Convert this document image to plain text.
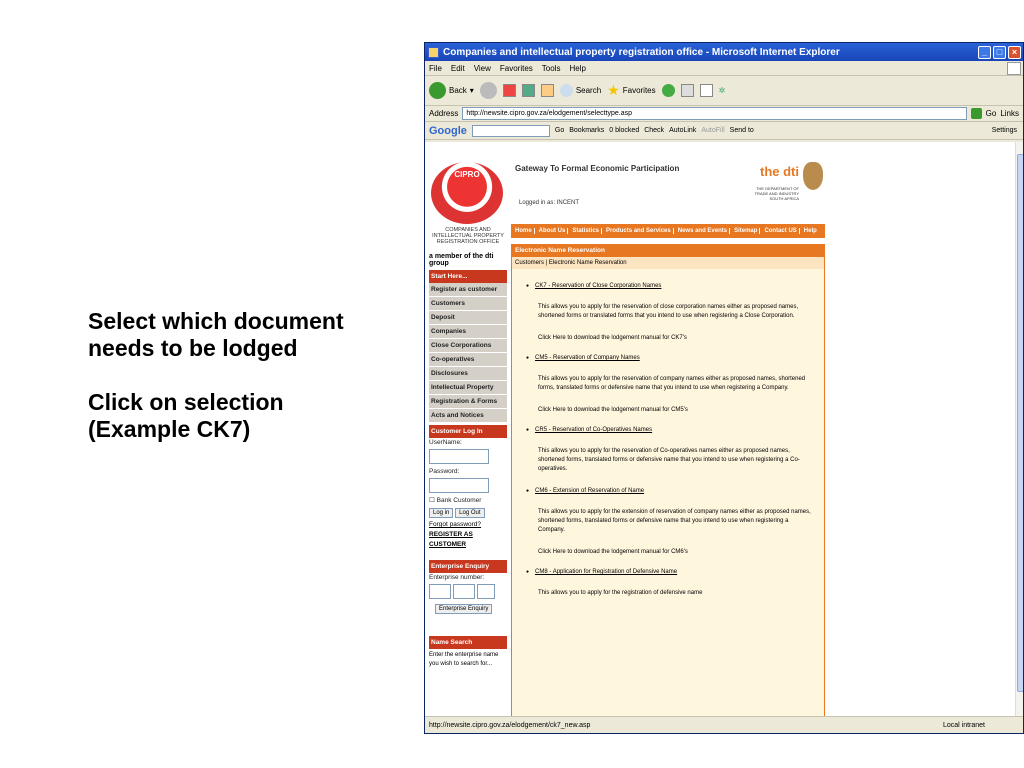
Select which document needs to be lodged

Click on selection (Example CK7)

Companies and intellectual property registration office - Microsoft Internet Explorer	_	□	×
File Edit View Favorites Tools Help
Back ▾	Search ★ Favorites	✲
Address	http://newsite.cipro.gov.za/elodgement/selecttype.asp	Go Links
Google	Go Bookmarks 0 blocked Check AutoLink AutoFill Send to	Settings
CIPRO
COMPANIES AND INTELLECTUAL PROPERTY REGISTRATION OFFICE
a member of the dti group
Start Here...
Register as customer
Customers
Deposit
Companies
Close Corporations
Co-operatives
Disclosures
Intellectual Property
Registration & Forms
Acts and Notices
Customer Log In
UserName:
Password:
☐ Bank Customer
Log in Log Out
Forgot password?
REGISTER AS CUSTOMER
Enterprise Enquiry
Enterprise number:
Enterprise Enquiry
Name Search
Enter the enterprise name you wish to search for...
Gateway To Formal Economic Participation
Logged in as: INCENT
the dti
THE DEPARTMENT OF TRADE AND INDUSTRY SOUTH AFRICA
Home	About Us	Statistics	Products and Services	News and Events	Sitemap	Contact US	Help
Electronic Name Reservation
Customers | Electronic Name Reservation
● CK7 - Reservation of Close Corporation Names
This allows you to apply for the reservation of close corporation names either as proposed names, shortened forms or translated forms that you intend to use when registering a Close Corporation.
Click Here to download the lodgement manual for CK7's
● CM5 - Reservation of Company Names
This allows you to apply for the reservation of company names either as proposed names, shortened forms, translated forms or defensive name that you intend to use when registering a Company.
Click Here to download the lodgement manual for CM5's
● CR5 - Reservation of Co-Operatives Names
This allows you to apply for the reservation of Co-operatives names either as proposed names, shortened forms, translated forms or defensive name that you intend to use when registering a Co-operatives.
● CM6 - Extension of Reservation of Name
This allows you to apply for the extension of reservation of company names either as proposed names, shortened forms, translated forms or defensive name that you intend to use when registering a Company.
Click Here to download the lodgement manual for CM6's
● CM8 - Application for Registration of Defensive Name
This allows you to apply for the registration of defensive name
http://newsite.cipro.gov.za/elodgement/ck7_new.asp	Local intranet
